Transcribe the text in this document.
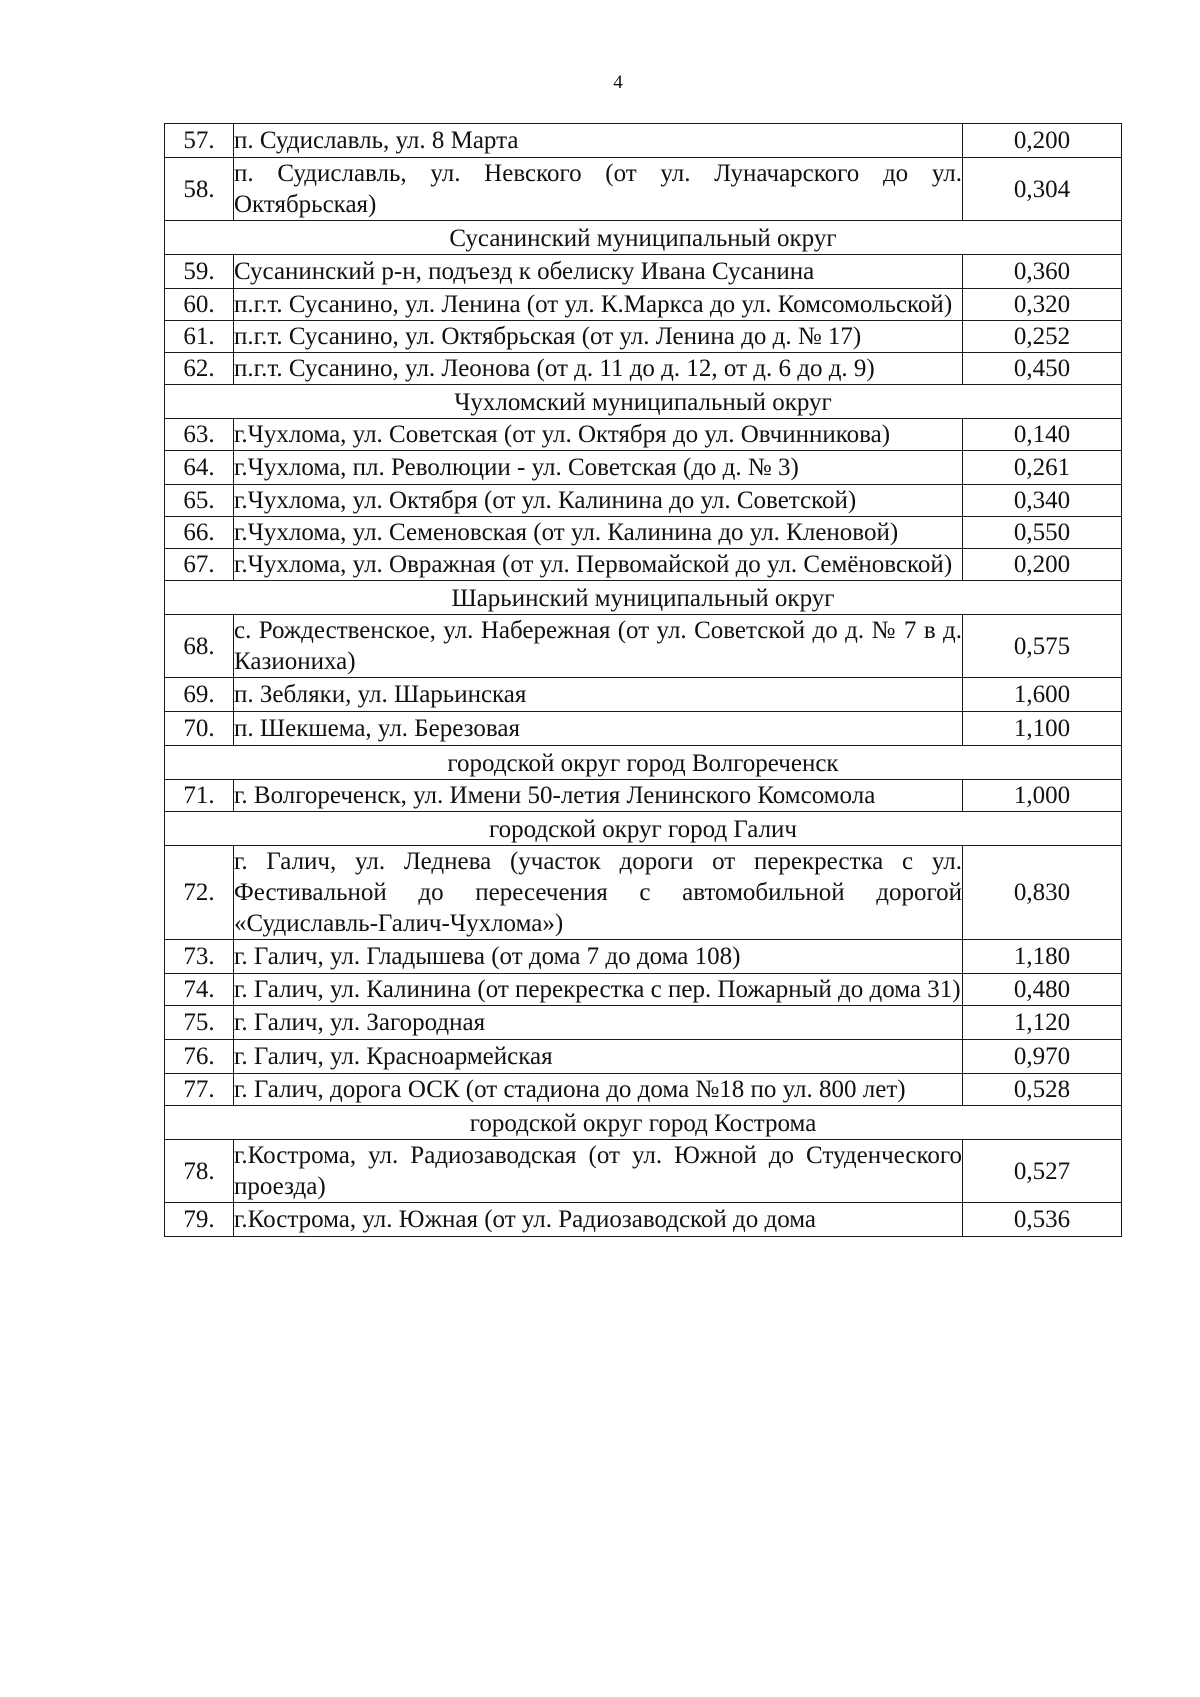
4
57.	п. Судиславль, ул. 8 Марта	0,200
58.	п. Судиславль, ул. Невского (от ул. Луначарского до ул. Октябрьская)	0,304
Сусанинский муниципальный округ		
59.	Сусанинский р-н, подъезд к обелиску Ивана Сусанина	0,360
60.	п.г.т. Сусанино, ул. Ленина (от ул. К.Маркса до ул. Комсомольской)	0,320
61.	п.г.т. Сусанино, ул. Октябрьская (от ул. Ленина до д. № 17)	0,252
62.	п.г.т. Сусанино, ул. Леонова (от д. 11 до д. 12, от д. 6 до д. 9)	0,450
Чухломский муниципальный округ		
63.	г.Чухлома, ул. Советская (от ул. Октября до ул. Овчинникова)	0,140
64.	г.Чухлома, пл. Революции - ул. Советская (до д. № 3)	0,261
65.	г.Чухлома, ул. Октября (от ул. Калинина до ул. Советской)	0,340
66.	г.Чухлома, ул. Семеновская (от ул. Калинина до ул. Кленовой)	0,550
67.	г.Чухлома, ул. Овражная (от ул. Первомайской до ул. Семёновской)	0,200
Шарьинский муниципальный округ		
68.	с. Рождественское, ул. Набережная (от ул. Советской до д. № 7 в д. Казиониха)	0,575
69.	п. Зебляки, ул. Шарьинская	1,600
70.	п. Шекшема, ул. Березовая	1,100
городской округ город Волгореченск		
71.	г. Волгореченск, ул. Имени 50-летия Ленинского Комсомола	1,000
городской округ город Галич		
72.	г. Галич, ул. Леднева (участок дороги от перекрестка с ул. Фестивальной до пересечения с автомобильной дорогой «Судиславль-Галич-Чухлома»)	0,830
73.	г. Галич, ул. Гладышева (от дома 7 до дома 108)	1,180
74.	г. Галич, ул. Калинина (от перекрестка с пер. Пожарный до дома 31)	0,480
75.	г. Галич, ул. Загородная	1,120
76.	г. Галич, ул. Красноармейская	0,970
77.	г. Галич, дорога ОСК (от стадиона до дома №18 по ул. 800 лет)	0,528
городской округ город Кострома		
78.	г.Кострома, ул. Радиозаводская (от ул. Южной до Студенческого проезда)	0,527
79.	г.Кострома, ул. Южная (от ул. Радиозаводской до дома	0,536
